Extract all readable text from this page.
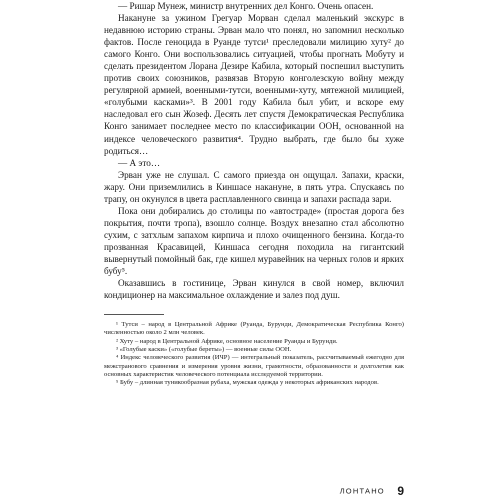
— Ришар Мунеж, министр внутренних дел Конго. Очень опасен.

Накануне за ужином Грегуар Морван сделал маленький экскурс в недавнюю историю страны. Эрван мало что понял, но запомнил несколько фактов. После геноцида в Руанде тутси¹ преследовали милицию хуту² до самого Конго. Они воспользовались ситуацией, чтобы прогнать Мобуту и сделать президентом Лорана Дезире Кабила, который поспешил выступить против своих союзников, развязав Вторую конголезскую войну между регулярной армией, военными-тутси, военными-хуту, мятежной милицией, «голубыми касками»³. В 2001 году Кабила был убит, и вскоре ему наследовал его сын Жозеф. Десять лет спустя Демократическая Республика Конго занимает последнее место по классификации ООН, основанной на индексе человеческого развития⁴. Трудно выбрать, где было бы хуже родиться…

— А это…

Эрван уже не слушал. С самого приезда он ощущал. Запахи, краски, жару. Они приземлились в Киншасе накануне, в пять утра. Спускаясь по трапу, он окунулся в цвета расплавленного свинца и запахи распада зари.

Пока они добирались до столицы по «автостраде» (простая дорога без покрытия, почти тропа), взошло солнце. Воздух внезапно стал абсолютно сухим, с затхлым запахом кирпича и плохо очищенного бензина. Когда-то прозванная Красавицей, Киншаса сегодня походила на гигантский вывернутый помойный бак, где кишел муравейник на черных голов и ярких бубу⁵.

Оказавшись в гостинице, Эрван кинулся в свой номер, включил кондиционер на максимальное охлаждение и залез под душ.

¹ Тутси – народ в Центральной Африке (Руанда, Бурунди, Демократическая Республика Конго) численностью около 2 млн человек.

² Хуту – народ в Центральной Африке, основное население Руанды и Бурунди.

³ «Голубые каски» («голубые береты») — военные силы ООН.

⁴ Индекс человеческого развития (ИЧР) — интегральный показатель, рассчитываемый ежегодно для межстранового сравнения и измерения уровня жизни, грамотности, образованности и долголетия как основных характеристик человеческого потенциала исследуемой территории.

⁵ Бубу – длинная туникообразная рубаха, мужская одежда у некоторых африканских народов.

ЛОНТАНО 9
